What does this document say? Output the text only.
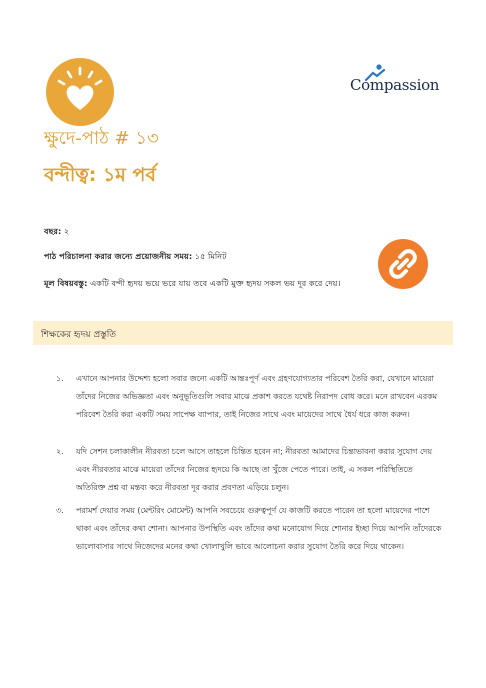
Compassion
ক্ষুদে-পাঠ # ১৩
বন্দীত্ব: ১ম পর্ব
বছর: ২
পাঠ পরিচালনা করার জন্যে প্রয়োজনীয় সময়: ১৫ মিনিট
মূল বিষয়বস্তু: একটি বন্দী হৃদয় ভয়ে ভরে যায় তবে একটি মুক্ত হৃদয় সকল ভয় দূর করে দেয়।
শিক্ষকের হৃদয় প্রস্তুতি
১.	এখানে আপনার উদ্দেশ্য হলো সবার জন্যে একটি আন্তঃপূর্ণ এবং গ্রহণযোগ্যতার পরিবেশ তৈরি করা, যেখানে মায়েরা তাঁদের নিজের অভিজ্ঞতা এবং অনুভূতিগুলি সবার মাঝে প্রকাশ করতে যথেষ্ট নিরাপদ বোধ করে। মনে রাখবেন এরকম পরিবেশ তৈরি করা একটি সময় সাপেক্ষ ব্যাপার, তাই নিজের সাথে এবং মায়েদের সাথে ধৈর্য ধরে কাজ করুন।
২.	যদি সেশন চলাকালীন নীরবতা চলে আসে তাহলে চিন্তিত হবেন না; নীরবতা আমাদের চিন্তাভাবনা করার সুযোগ দেয় এবং নীরবতার মাঝে মায়েরা তাঁদের নিজের হৃদয়ে কি আছে তা খুঁজে পেতে পারে। তাই, এ সকল পরিস্থিতিতে অতিরিক্ত প্রশ্ন বা মন্তব্য করে নীরবতা দূর করার প্রবণতা এড়িয়ে চলুন।
৩.	পরামর্শ দেয়ার সময় (মেন্টরিং মোমেন্ট) আপনি সবচেয়ে গুরুত্বপূর্ণ যে কাজটি করতে পারেন তা হলো মায়েদের পাশে থাকা এবং তাঁদের কথা শোনা। আপনার উপস্থিতি এবং তাঁদের কথা মনোযোগ দিয়ে শোনার ইচ্ছা দিয়ে আপনি তাঁদেরকে ভালোবাসার সাথে নিজেদের মনের কথা খোলাখুলি ভাবে আলোচনা করার সুযোগ তৈরি করে দিয়ে থাকেন।
